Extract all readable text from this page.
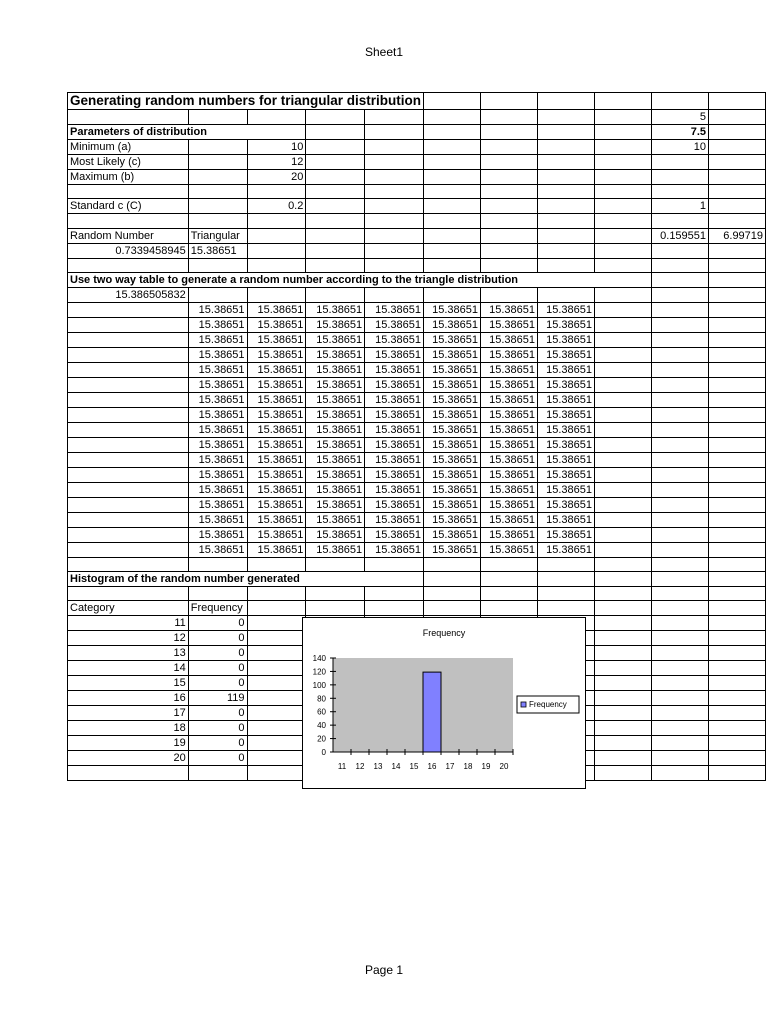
Sheet1
Generating random numbers for triangular distribution										
									5	
Parameters of distribution									7.5	
Minimum (a)		10							10	
Most Likely (c)		12								
Maximum (b)		20								

Standard c (C)		0.2							1	

Random Number	Triangular								0.159551	6.99719
0.7339458945	15.38651									

Use two way table to generate a random number according to the triangle distribution										
15.386505832										
	15.38651	15.38651	15.38651	15.38651	15.38651	15.38651	15.38651			
	15.38651	15.38651	15.38651	15.38651	15.38651	15.38651	15.38651			
	15.38651	15.38651	15.38651	15.38651	15.38651	15.38651	15.38651			
	15.38651	15.38651	15.38651	15.38651	15.38651	15.38651	15.38651			
	15.38651	15.38651	15.38651	15.38651	15.38651	15.38651	15.38651			
	15.38651	15.38651	15.38651	15.38651	15.38651	15.38651	15.38651			
	15.38651	15.38651	15.38651	15.38651	15.38651	15.38651	15.38651			
	15.38651	15.38651	15.38651	15.38651	15.38651	15.38651	15.38651			
	15.38651	15.38651	15.38651	15.38651	15.38651	15.38651	15.38651			
	15.38651	15.38651	15.38651	15.38651	15.38651	15.38651	15.38651			
	15.38651	15.38651	15.38651	15.38651	15.38651	15.38651	15.38651			
	15.38651	15.38651	15.38651	15.38651	15.38651	15.38651	15.38651			
	15.38651	15.38651	15.38651	15.38651	15.38651	15.38651	15.38651			
	15.38651	15.38651	15.38651	15.38651	15.38651	15.38651	15.38651			
	15.38651	15.38651	15.38651	15.38651	15.38651	15.38651	15.38651			
	15.38651	15.38651	15.38651	15.38651	15.38651	15.38651	15.38651			
	15.38651	15.38651	15.38651	15.38651	15.38651	15.38651	15.38651			

Histogram of the random number generated										

Category	Frequency									
11	0									
12	0									
13	0									
14	0									
15	0									
16	119									
17	0									
18	0									
19	0									
20	0									

Frequency
0
20
40
60
80
100
120
140
11 12 13 14 15 16 17 18 19 20
Frequency
Page 1
